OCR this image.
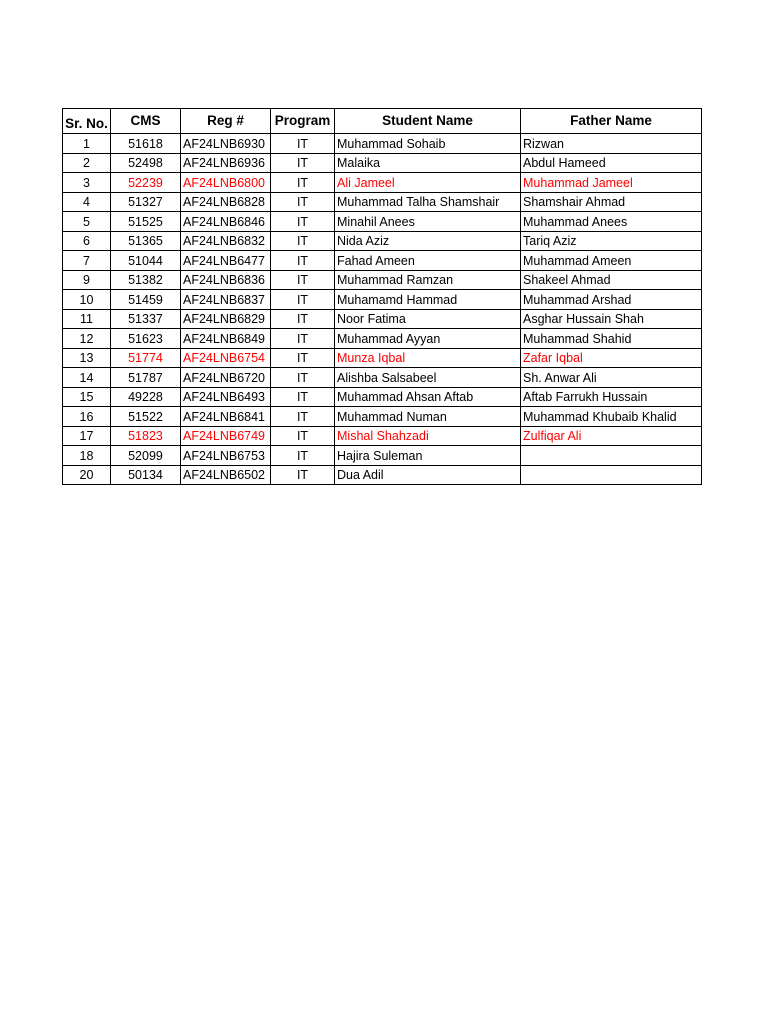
Sr. No.	CMS	Reg #	Program	Student Name	Father Name
1	51618	AF24LNB6930	IT	Muhammad Sohaib	Rizwan
2	52498	AF24LNB6936	IT	Malaika	Abdul Hameed
3	52239	AF24LNB6800	IT	Ali Jameel	Muhammad Jameel
4	51327	AF24LNB6828	IT	Muhammad Talha Shamshair	Shamshair Ahmad
5	51525	AF24LNB6846	IT	Minahil Anees	Muhammad Anees
6	51365	AF24LNB6832	IT	Nida Aziz	Tariq Aziz
7	51044	AF24LNB6477	IT	Fahad Ameen	Muhammad Ameen
9	51382	AF24LNB6836	IT	Muhammad Ramzan	Shakeel Ahmad
10	51459	AF24LNB6837	IT	Muhamamd Hammad	Muhammad Arshad
11	51337	AF24LNB6829	IT	Noor Fatima	Asghar Hussain Shah
12	51623	AF24LNB6849	IT	Muhammad Ayyan	Muhammad Shahid
13	51774	AF24LNB6754	IT	Munza Iqbal	Zafar Iqbal
14	51787	AF24LNB6720	IT	Alishba Salsabeel	Sh. Anwar Ali
15	49228	AF24LNB6493	IT	Muhammad Ahsan Aftab	Aftab Farrukh Hussain
16	51522	AF24LNB6841	IT	Muhammad Numan	Muhammad Khubaib Khalid
17	51823	AF24LNB6749	IT	Mishal Shahzadi	Zulfiqar Ali
18	52099	AF24LNB6753	IT	Hajira Suleman	
20	50134	AF24LNB6502	IT	Dua Adil	
